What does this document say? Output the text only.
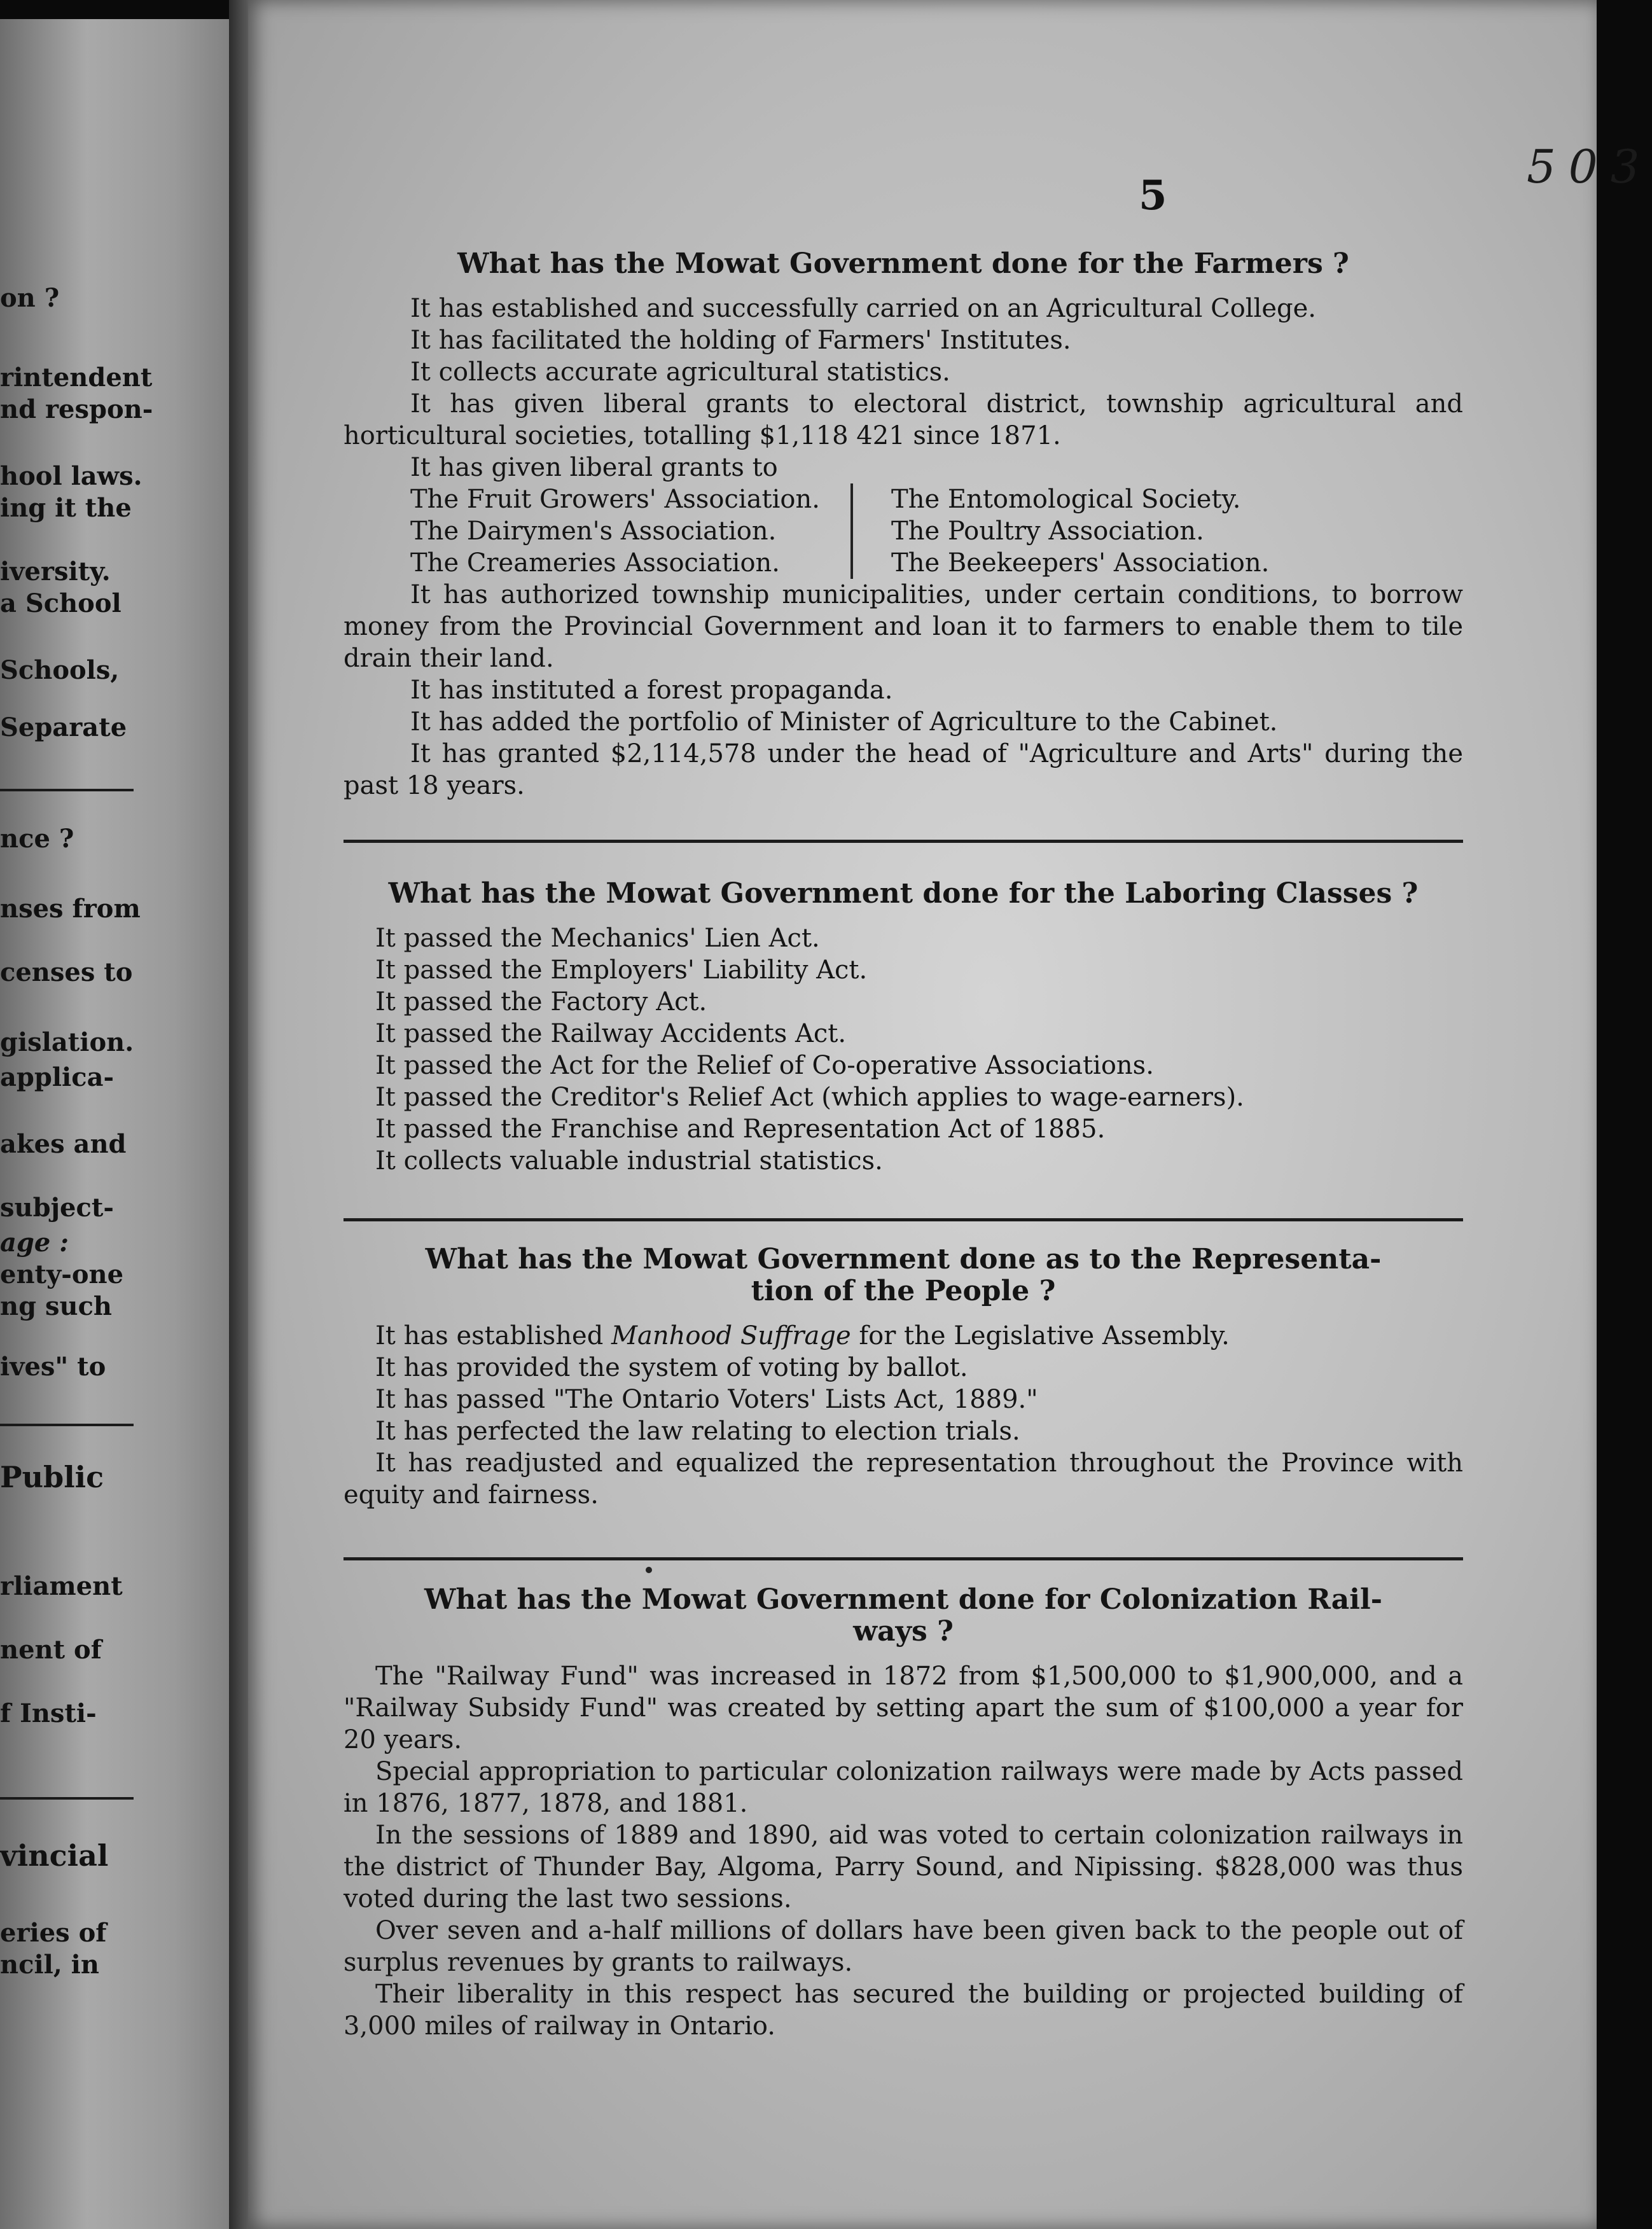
on ?
rintendent
nd respon-
hool laws.
ing it the
iversity.
a School
Schools,
Separate
nce ?
nses from
censes to
gislation.
applica-
akes and
subject-
age :
enty-one
ng such
ives" to
Public
rliament
nent of
f Insti-
vincial
eries of
ncil, in
503
5
What has the Mowat Government done for the Farmers ?

It has established and successfully carried on an Agricultural College.

It has facilitated the holding of Farmers' Institutes.

It collects accurate agricultural statistics.

It has given liberal grants to electoral district, township agricultural and horticultural societies, totalling $1,118 421 since 1871.

It has given liberal grants to

The Fruit Growers' Association.
The Dairymen's Association.
The Creameries Association.
The Entomological Society.
The Poultry Association.
The Beekeepers' Association.

It has authorized township municipalities, under certain conditions, to borrow money from the Provincial Government and loan it to farmers to enable them to tile drain their land.

It has instituted a forest propaganda.

It has added the portfolio of Minister of Agriculture to the Cabinet.

It has granted $2,114,578 under the head of "Agriculture and Arts" during the past 18 years.

What has the Mowat Government done for the Laboring Classes ?

It passed the Mechanics' Lien Act.

It passed the Employers' Liability Act.

It passed the Factory Act.

It passed the Railway Accidents Act.

It passed the Act for the Relief of Co-operative Associations.

It passed the Creditor's Relief Act (which applies to wage-earners).

It passed the Franchise and Representation Act of 1885.

It collects valuable industrial statistics.

What has the Mowat Government done as to the Representa-
tion of the People ?

It has established Manhood Suffrage for the Legislative Assembly.

It has provided the system of voting by ballot.

It has passed "The Ontario Voters' Lists Act, 1889."

It has perfected the law relating to election trials.

It has readjusted and equalized the representation throughout the Province with equity and fairness.

What has the Mowat Government done for Colonization Rail-
ways ?

The "Railway Fund" was increased in 1872 from $1,500,000 to $1,900,000, and a "Railway Subsidy Fund" was created by setting apart the sum of $100,000 a year for 20 years.

Special appropriation to particular colonization railways were made by Acts passed in 1876, 1877, 1878, and 1881.

In the sessions of 1889 and 1890, aid was voted to certain colonization railways in the district of Thunder Bay, Algoma, Parry Sound, and Nipissing. $828,000 was thus voted during the last two sessions.

Over seven and a-half millions of dollars have been given back to the people out of surplus revenues by grants to railways.

Their liberality in this respect has secured the building or projected building of 3,000 miles of railway in Ontario.
